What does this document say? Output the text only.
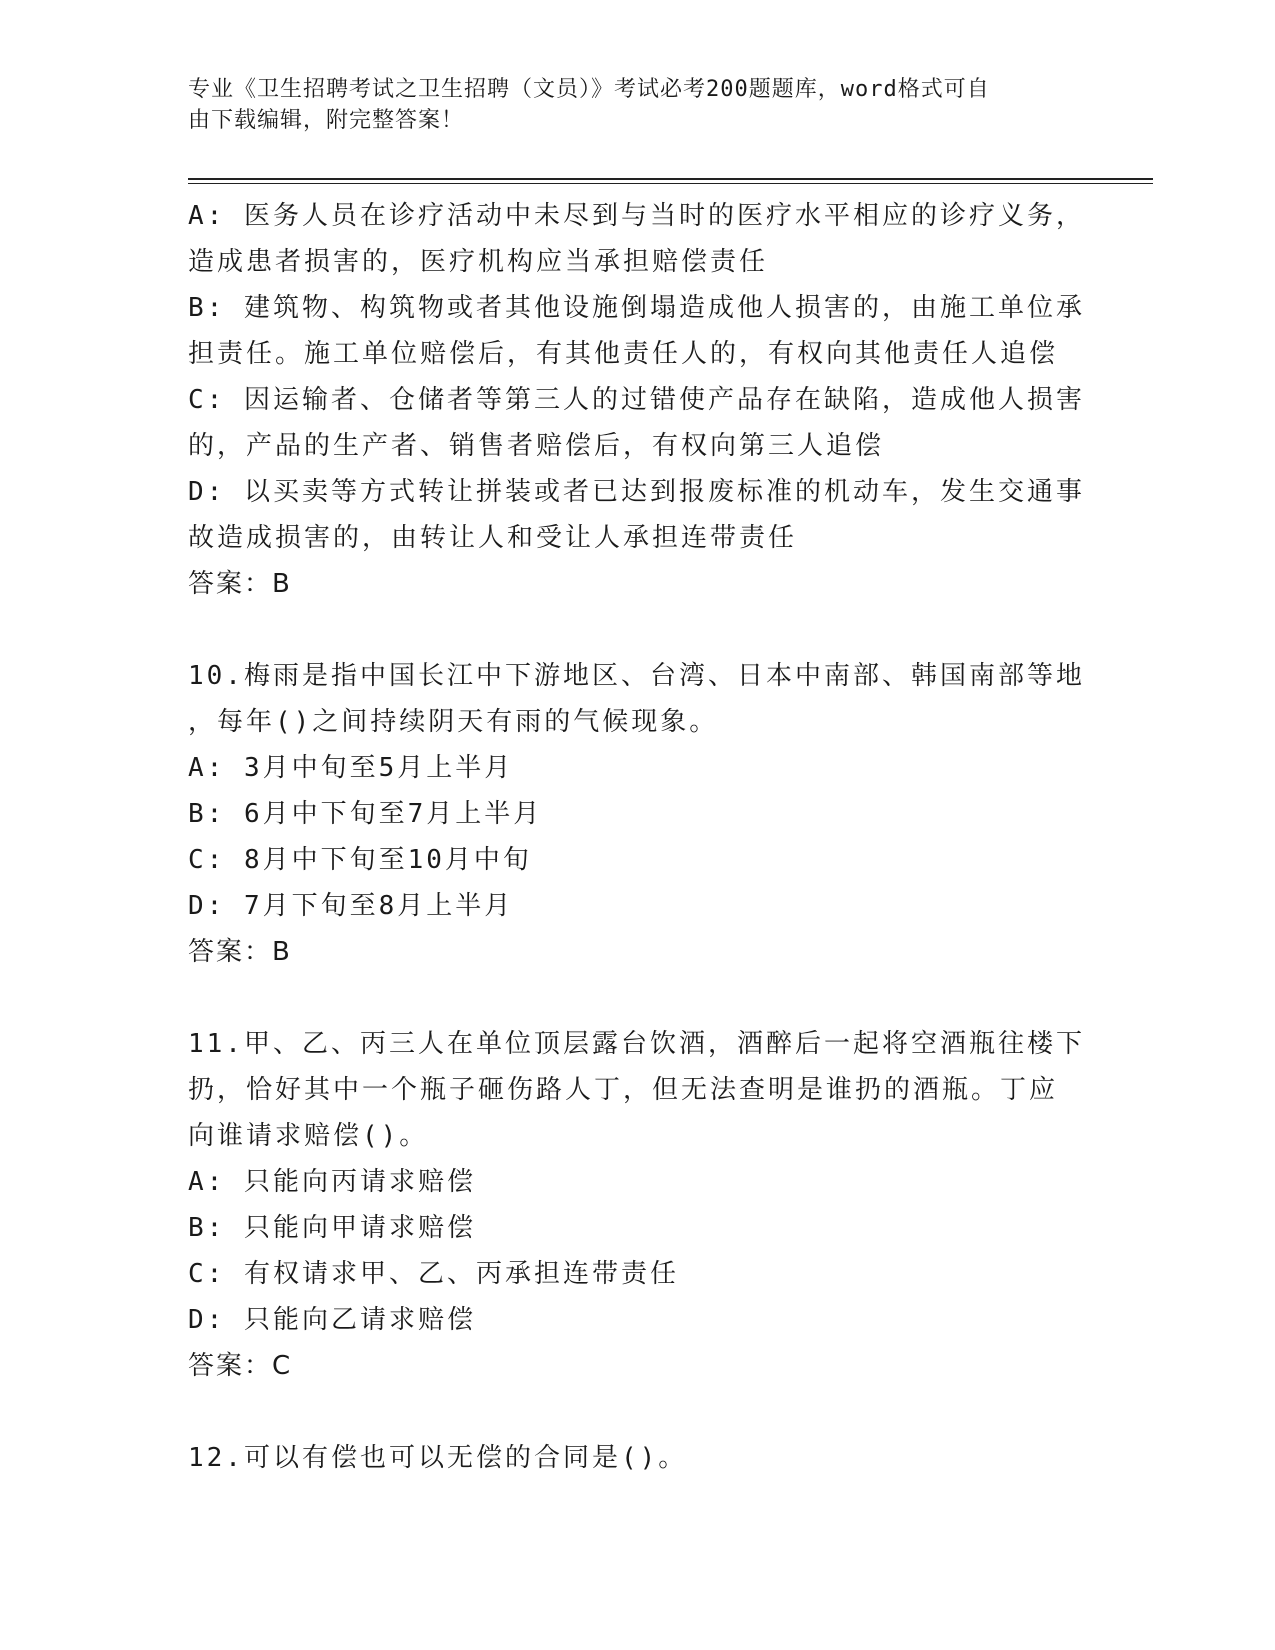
专业《卫生招聘考试之卫生招聘（文员）》考试必考200题题库，word格式可自
由下载编辑，附完整答案！
A: 医务人员在诊疗活动中未尽到与当时的医疗水平相应的诊疗义务，
造成患者损害的，医疗机构应当承担赔偿责任
B: 建筑物、构筑物或者其他设施倒塌造成他人损害的，由施工单位承
担责任。施工单位赔偿后，有其他责任人的，有权向其他责任人追偿
C: 因运输者、仓储者等第三人的过错使产品存在缺陷，造成他人损害
的，产品的生产者、销售者赔偿后，有权向第三人追偿
D: 以买卖等方式转让拼装或者已达到报废标准的机动车，发生交通事
故造成损害的，由转让人和受让人承担连带责任
答案：B
10.梅雨是指中国长江中下游地区、台湾、日本中南部、韩国南部等地
，每年()之间持续阴天有雨的气候现象。
A: 3月中旬至5月上半月
B: 6月中下旬至7月上半月
C: 8月中下旬至10月中旬
D: 7月下旬至8月上半月
答案：B
11.甲、乙、丙三人在单位顶层露台饮酒，酒醉后一起将空酒瓶往楼下
扔，恰好其中一个瓶子砸伤路人丁，但无法查明是谁扔的酒瓶。丁应
向谁请求赔偿()。
A: 只能向丙请求赔偿
B: 只能向甲请求赔偿
C: 有权请求甲、乙、丙承担连带责任
D: 只能向乙请求赔偿
答案：C
12.可以有偿也可以无偿的合同是()。
